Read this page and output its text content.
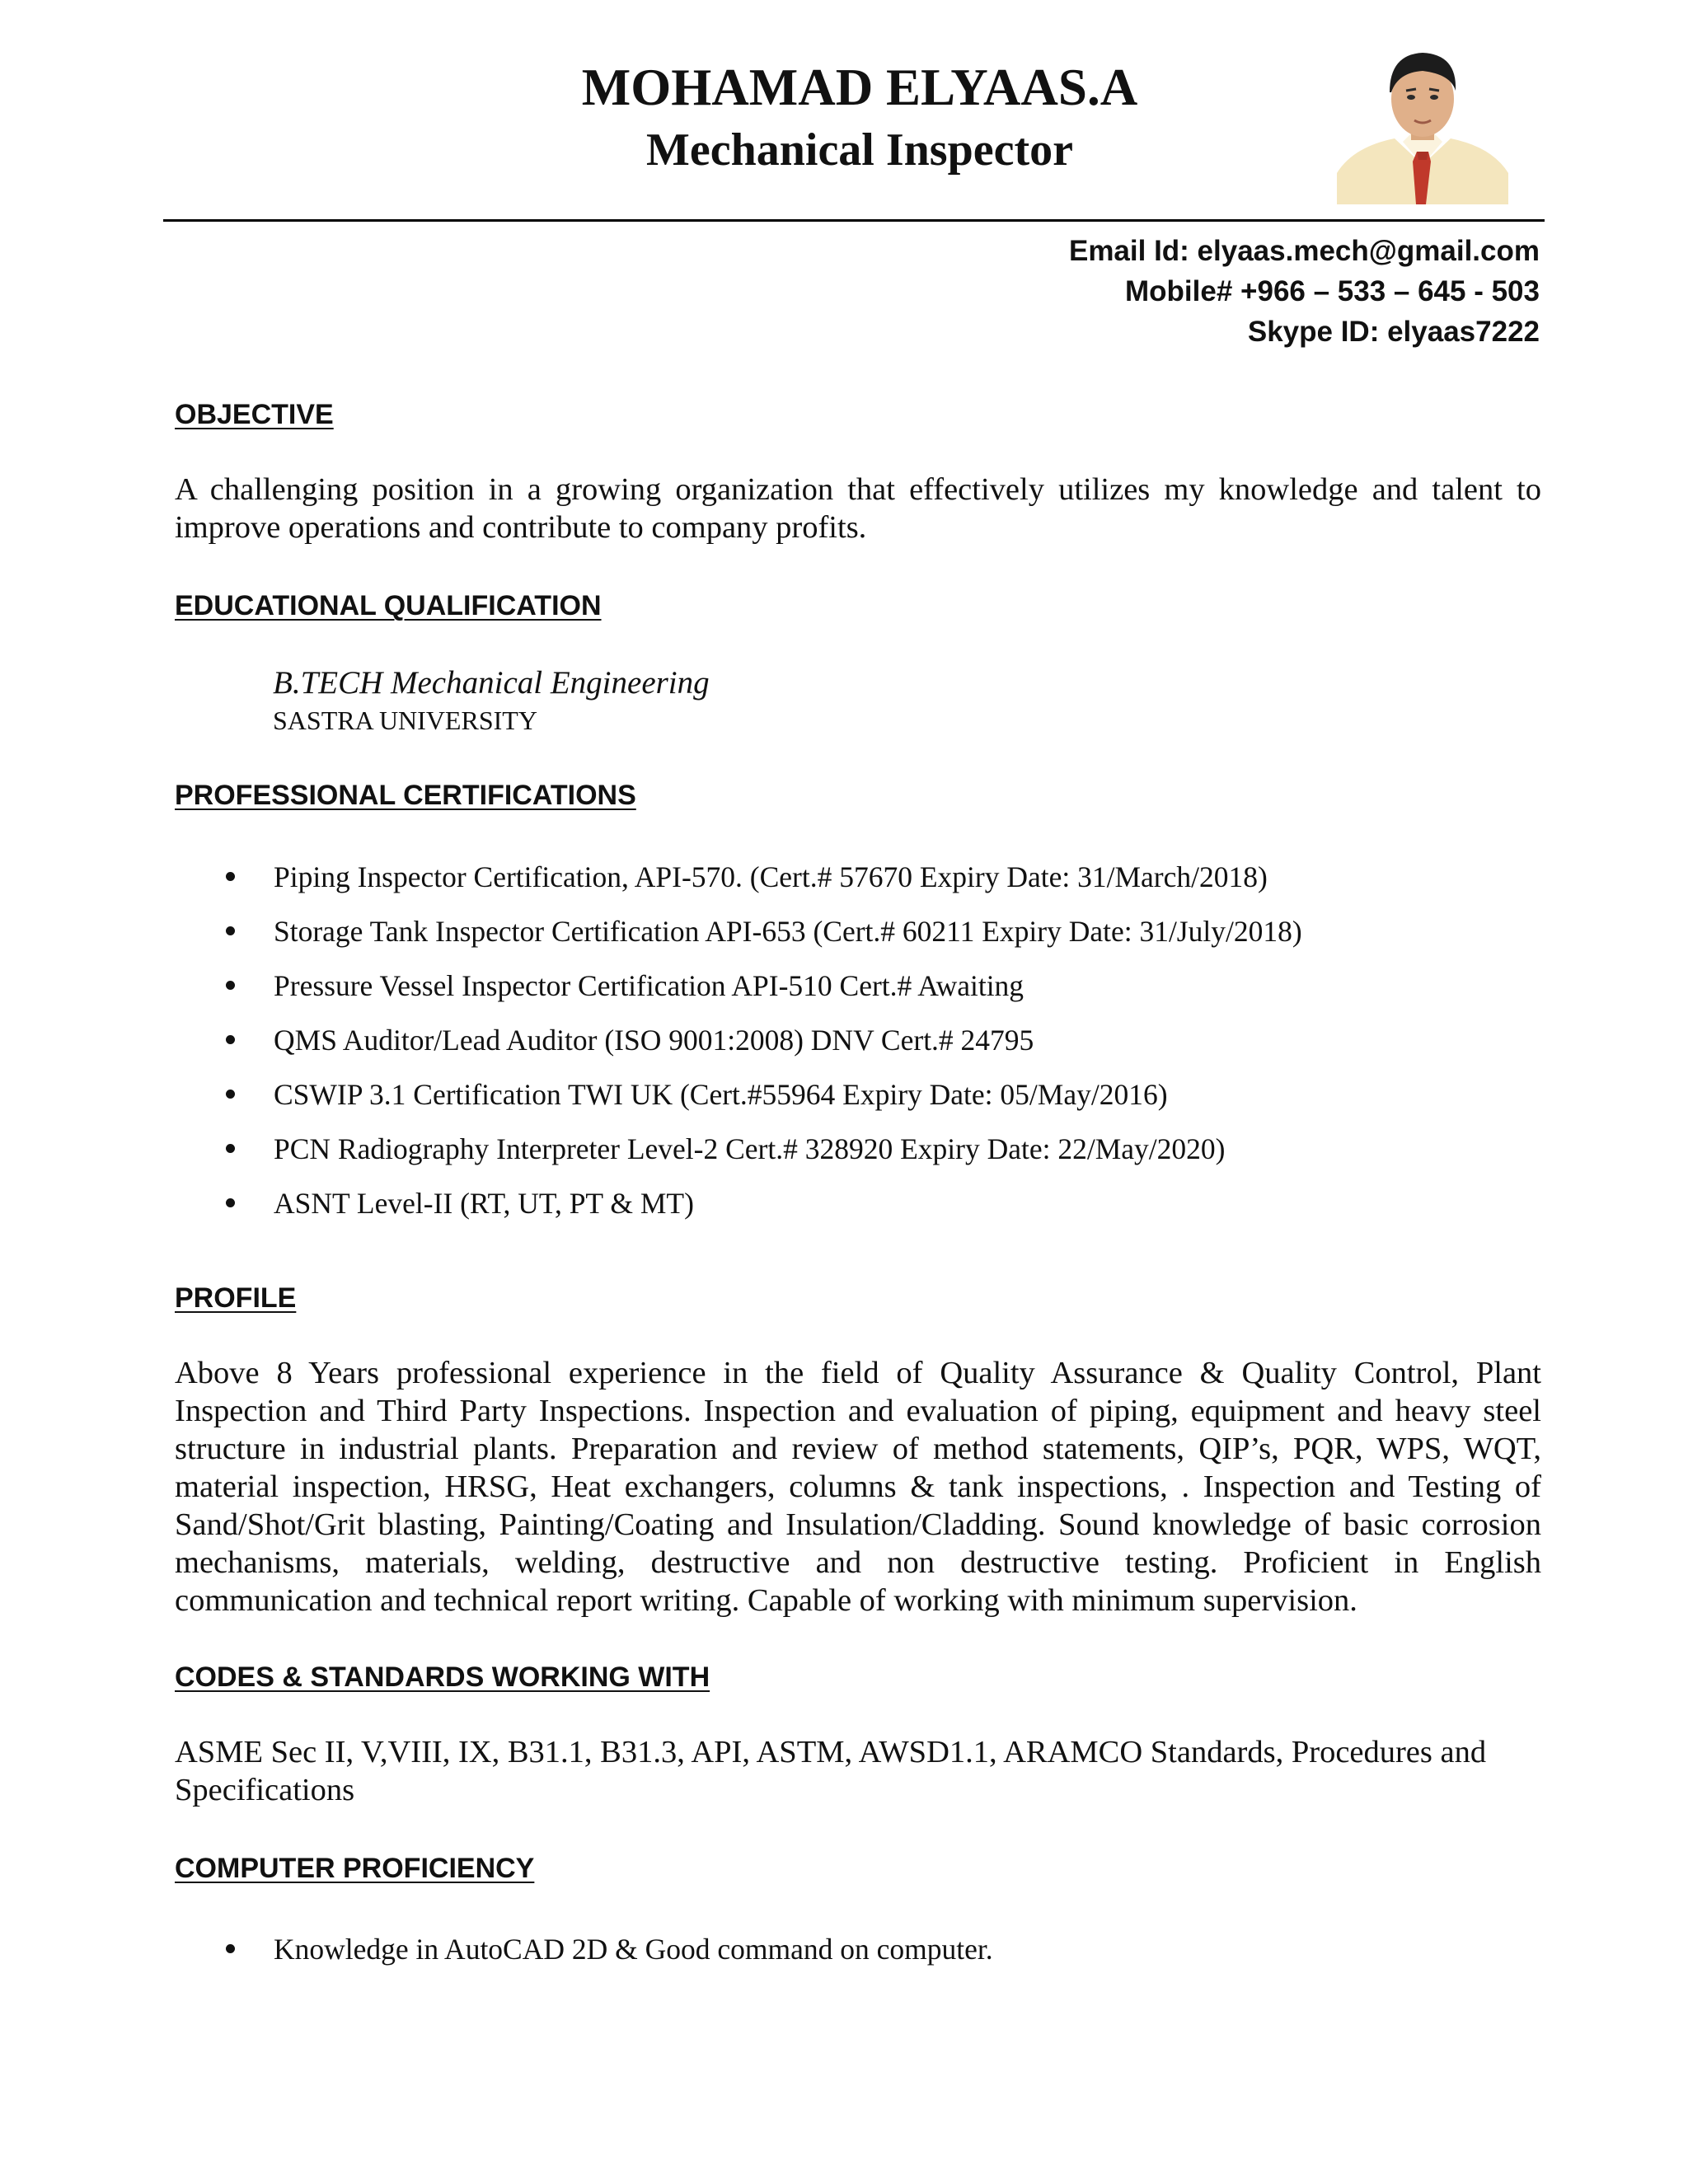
MOHAMAD ELYAAS.A
Mechanical Inspector
Email Id: elyaas.mech@gmail.com
Mobile# +966 – 533 – 645 - 503
Skype ID: elyaas7222
OBJECTIVE
A challenging position in a growing organization that effectively utilizes my knowledge and talent to improve operations and contribute to company profits.
EDUCATIONAL QUALIFICATION
B.TECH Mechanical Engineering
SASTRA UNIVERSITY
PROFESSIONAL CERTIFICATIONS
Piping Inspector Certification, API-570. (Cert.# 57670 Expiry Date: 31/March/2018)
Storage Tank Inspector Certification API-653 (Cert.# 60211 Expiry Date: 31/July/2018)
Pressure Vessel Inspector Certification API-510 Cert.# Awaiting
QMS Auditor/Lead Auditor (ISO 9001:2008) DNV Cert.# 24795
CSWIP 3.1 Certification TWI UK (Cert.#55964 Expiry Date: 05/May/2016)
PCN Radiography Interpreter Level-2 Cert.# 328920 Expiry Date: 22/May/2020)
ASNT Level-II (RT, UT, PT & MT)
PROFILE
Above 8 Years professional experience in the field of Quality Assurance & Quality Control, Plant Inspection and Third Party Inspections. Inspection and evaluation of piping, equipment and heavy steel structure in industrial plants. Preparation and review of method statements, QIP’s, PQR, WPS, WQT, material inspection, HRSG, Heat exchangers, columns & tank inspections, . Inspection and Testing of Sand/Shot/Grit blasting, Painting/Coating and Insulation/Cladding. Sound knowledge of basic corrosion mechanisms, materials, welding, destructive and non destructive testing. Proficient in English communication and technical report writing. Capable of working with minimum supervision.
CODES & STANDARDS WORKING WITH
ASME Sec II, V,VIII, IX, B31.1, B31.3, API, ASTM, AWSD1.1, ARAMCO Standards, Procedures and Specifications
COMPUTER PROFICIENCY
Knowledge in AutoCAD 2D & Good command on computer.
